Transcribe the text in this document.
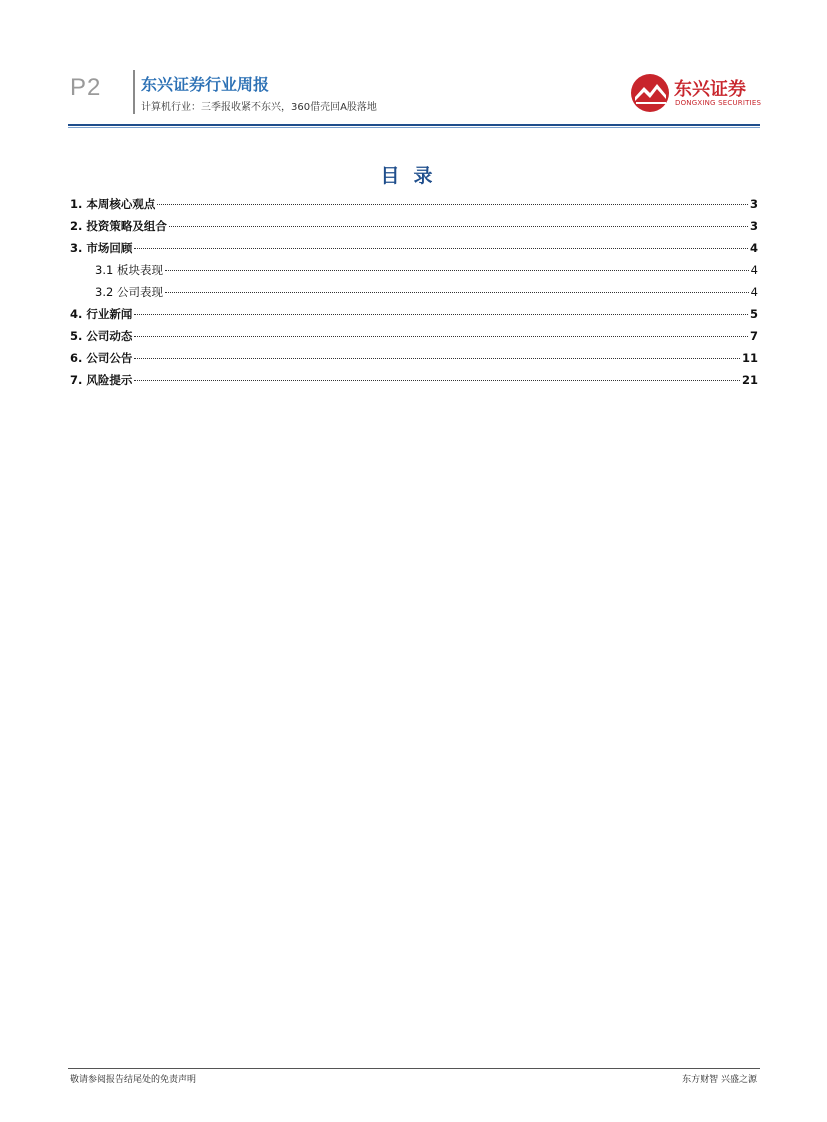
P2 东兴证券行业周报
计算机行业：三季报收紧不东兴，360借壳回A股落地
东兴证券
DONGXING SECURITIES
目录
1. 本周核心观点	3
2. 投资策略及组合	3
3. 市场回顾	4
3.1 板块表现	4
3.2 公司表现	4
4. 行业新闻	5
5. 公司动态	7
6. 公司公告	11
7. 风险提示	21
敬请参阅报告结尾处的免责声明	东方财智 兴盛之源
